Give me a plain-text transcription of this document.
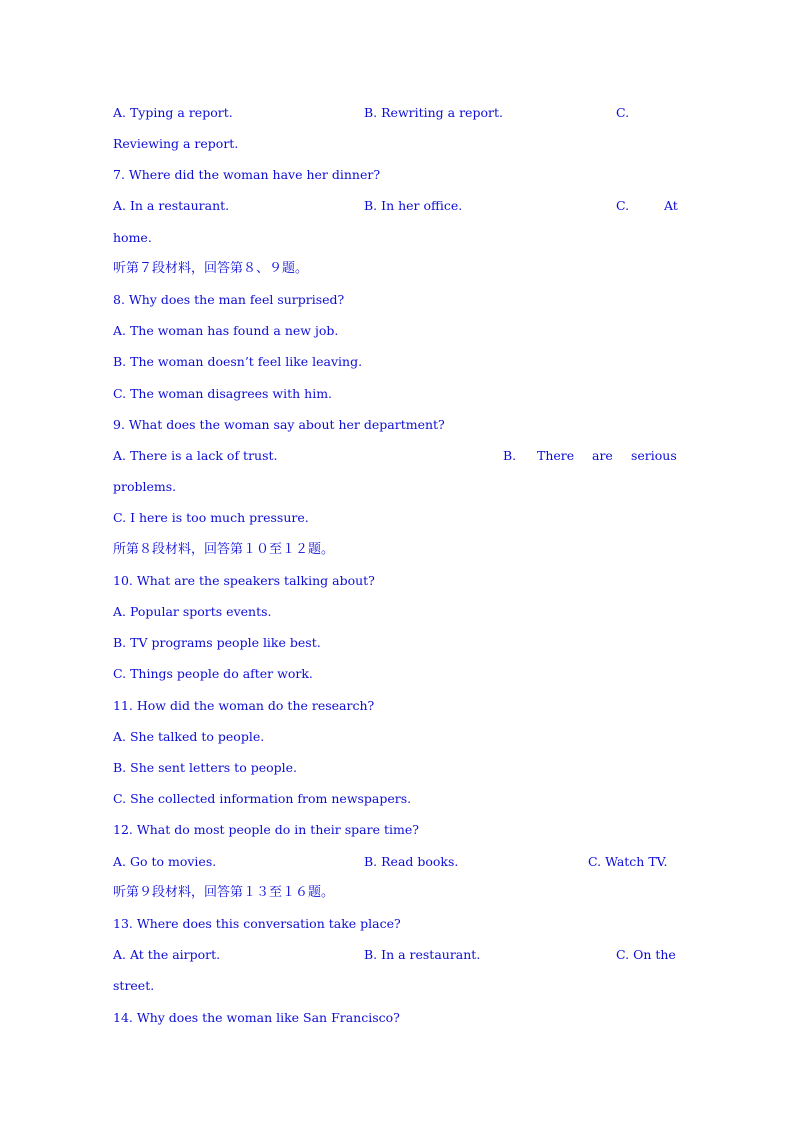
A. Typing a report.	B. Rewriting a report.	C.
Reviewing a report.
7. Where did the woman have her dinner?
A. In a restaurant.	B. In her office.	C.	At
home.
听第７段材料，回答第８、９题。
8. Why does the man feel surprised?
A. The woman has found a new job.
B. The woman doesn’t feel like leaving.
C. The woman disagrees with him.
9. What does the woman say about her department?
A. There is a lack of trust.	B. There are serious
problems.
C. I here is too much pressure.
所第８段材料，回答第１０至１２题。
10. What are the speakers talking about?
A. Popular sports events.
B. TV programs people like best.
C. Things people do after work.
11. How did the woman do the research?
A. She talked to people.
B. She sent letters to people.
C. She collected information from newspapers.
12. What do most people do in their spare time?
A. Go to movies.	B. Read books.	C. Watch TV.
听第９段材料，回答第１３至１６题。
13. Where does this conversation take place?
A. At the airport.	B. In a restaurant.	C. On the
street.
14. Why does the woman like San Francisco?
